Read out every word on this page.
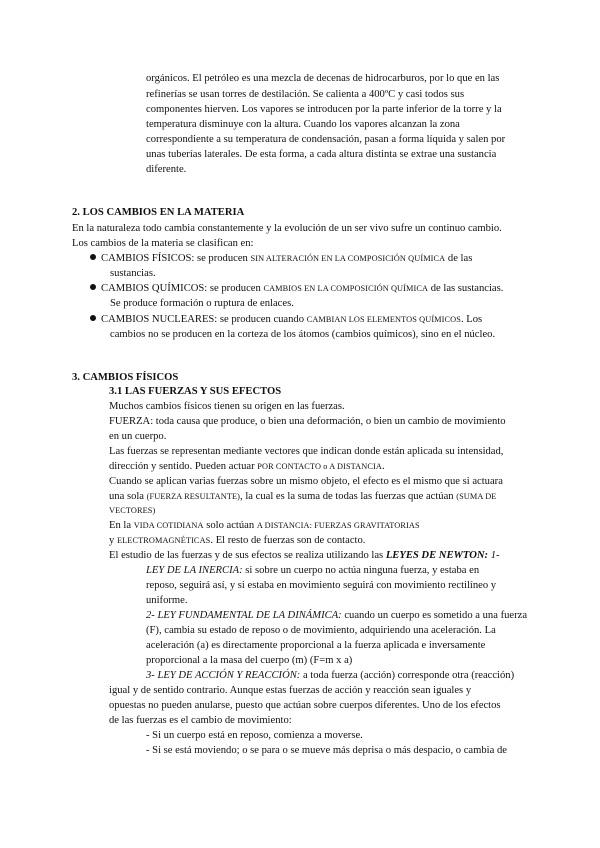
orgánicos. El petróleo es una mezcla de decenas de hidrocarburos, por lo que en las
refinerías se usan torres de destilación. Se calienta a 400ºC y casi todos sus
componentes hierven. Los vapores se introducen por la parte inferior de la torre y la
temperatura disminuye con la altura. Cuando los vapores alcanzan la zona
correspondiente a su temperatura de condensación, pasan a forma líquida y salen por
unas tuberías laterales. De esta forma, a cada altura distinta se extrae una sustancia
diferente.
2. LOS CAMBIOS EN LA MATERIA
En la naturaleza todo cambia constantemente y la evolución de un ser vivo sufre un continuo cambio.
Los cambios de la materia se clasifican en:
CAMBIOS FÍSICOS: se producen SIN ALTERACIÓN EN LA COMPOSICIÓN QUÍMICA de las
sustancias.
CAMBIOS QUÍMICOS: se producen CAMBIOS EN LA COMPOSICIÓN QUÍMICA de las sustancias.
Se produce formación o ruptura de enlaces.
CAMBIOS NUCLEARES: se producen cuando CAMBIAN LOS ELEMENTOS QUÍMICOS. Los
cambios no se producen en la corteza de los átomos (cambios químicos), sino en el núcleo.
3. CAMBIOS FÍSICOS
3.1 LAS FUERZAS Y SUS EFECTOS
Muchos cambios físicos tienen su origen en las fuerzas.
FUERZA: toda causa que produce, o bien una deformación, o bien un cambio de movimiento
en un cuerpo.
Las fuerzas se representan mediante vectores que indican donde están aplicada su intensidad,
dirección y sentido. Pueden actuar POR CONTACTO o A DISTANCIA.
Cuando se aplican varias fuerzas sobre un mismo objeto, el efecto es el mismo que si actuara
una sola (FUERZA RESULTANTE), la cual es la suma de todas las fuerzas que actúan (SUMA DE
VECTORES)
En la VIDA COTIDIANA solo actúan A DISTANCIA: FUERZAS GRAVITATORIAS
y ELECTROMAGNÉTICAS. El resto de fuerzas son de contacto.
El estudio de las fuerzas y de sus efectos se realiza utilizando las LEYES DE NEWTON: 1-
LEY DE LA INERCIA: si sobre un cuerpo no actúa ninguna fuerza, y estaba en
reposo, seguirá así, y si estaba en movimiento seguirá con movimiento rectilíneo y
uniforme.
2- LEY FUNDAMENTAL DE LA DINÁMICA: cuando un cuerpo es sometido a una fuerza
(F), cambia su estado de reposo o de movimiento, adquiriendo una aceleración. La
aceleración (a) es directamente proporcional a la fuerza aplicada e inversamente
proporcional a la masa del cuerpo (m) (F=m x a)
3- LEY DE ACCIÓN Y REACCIÓN: a toda fuerza (acción) corresponde otra (reacción)
igual y de sentido contrario. Aunque estas fuerzas de acción y reacción sean iguales y
opuestas no pueden anularse, puesto que actúan sobre cuerpos diferentes. Uno de los efectos
de las fuerzas es el cambio de movimiento:
- Si un cuerpo está en reposo, comienza a moverse.
- Si se está moviendo; o se para o se mueve más deprisa o más despacio, o cambia de
